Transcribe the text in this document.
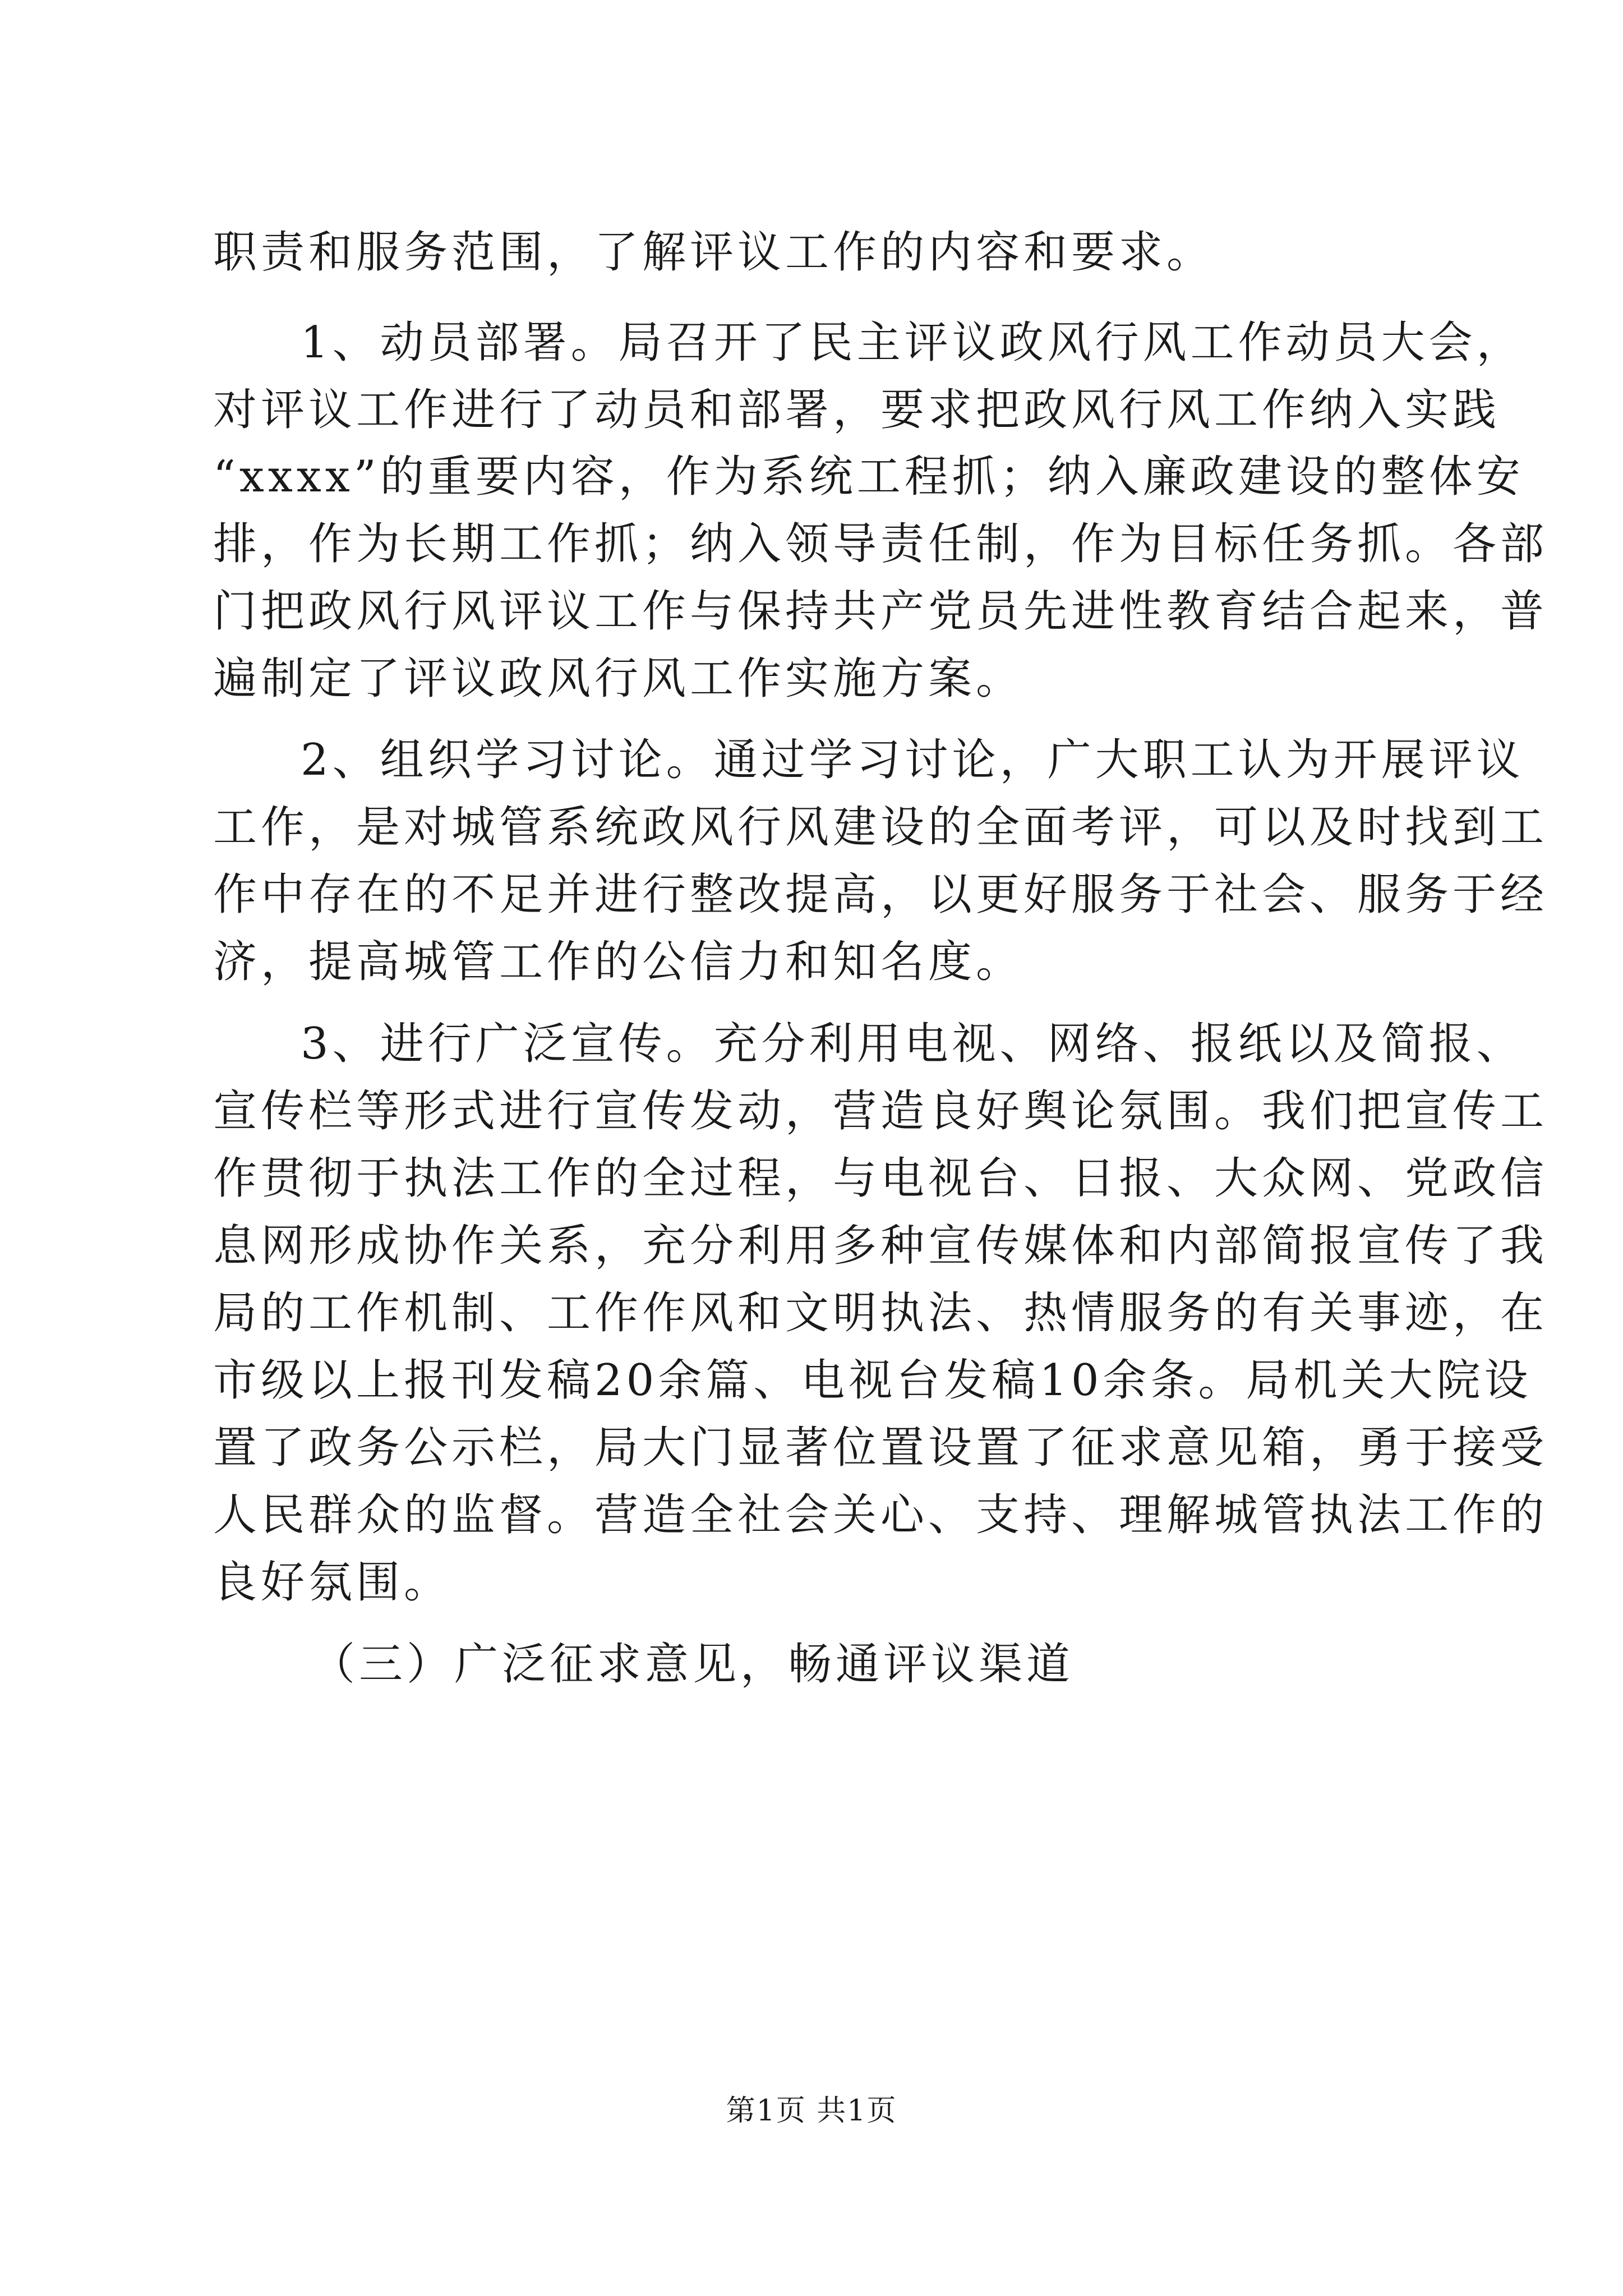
职责和服务范围，了解评议工作的内容和要求。
1、动员部署。局召开了民主评议政风行风工作动员大会，
对评议工作进行了动员和部署，要求把政风行风工作纳入实践
“xxxx”的重要内容，作为系统工程抓；纳入廉政建设的整体安
排，作为长期工作抓；纳入领导责任制，作为目标任务抓。各部
门把政风行风评议工作与保持共产党员先进性教育结合起来，普
遍制定了评议政风行风工作实施方案。
2、组织学习讨论。通过学习讨论，广大职工认为开展评议
工作，是对城管系统政风行风建设的全面考评，可以及时找到工
作中存在的不足并进行整改提高，以更好服务于社会、服务于经
济，提高城管工作的公信力和知名度。
3、进行广泛宣传。充分利用电视、网络、报纸以及简报、
宣传栏等形式进行宣传发动，营造良好舆论氛围。我们把宣传工
作贯彻于执法工作的全过程，与电视台、日报、大众网、党政信
息网形成协作关系，充分利用多种宣传媒体和内部简报宣传了我
局的工作机制、工作作风和文明执法、热情服务的有关事迹，在
市级以上报刊发稿20余篇、电视台发稿10余条。局机关大院设
置了政务公示栏，局大门显著位置设置了征求意见箱，勇于接受
人民群众的监督。营造全社会关心、支持、理解城管执法工作的
良好氛围。
（三）广泛征求意见，畅通评议渠道
第1页 共1页
